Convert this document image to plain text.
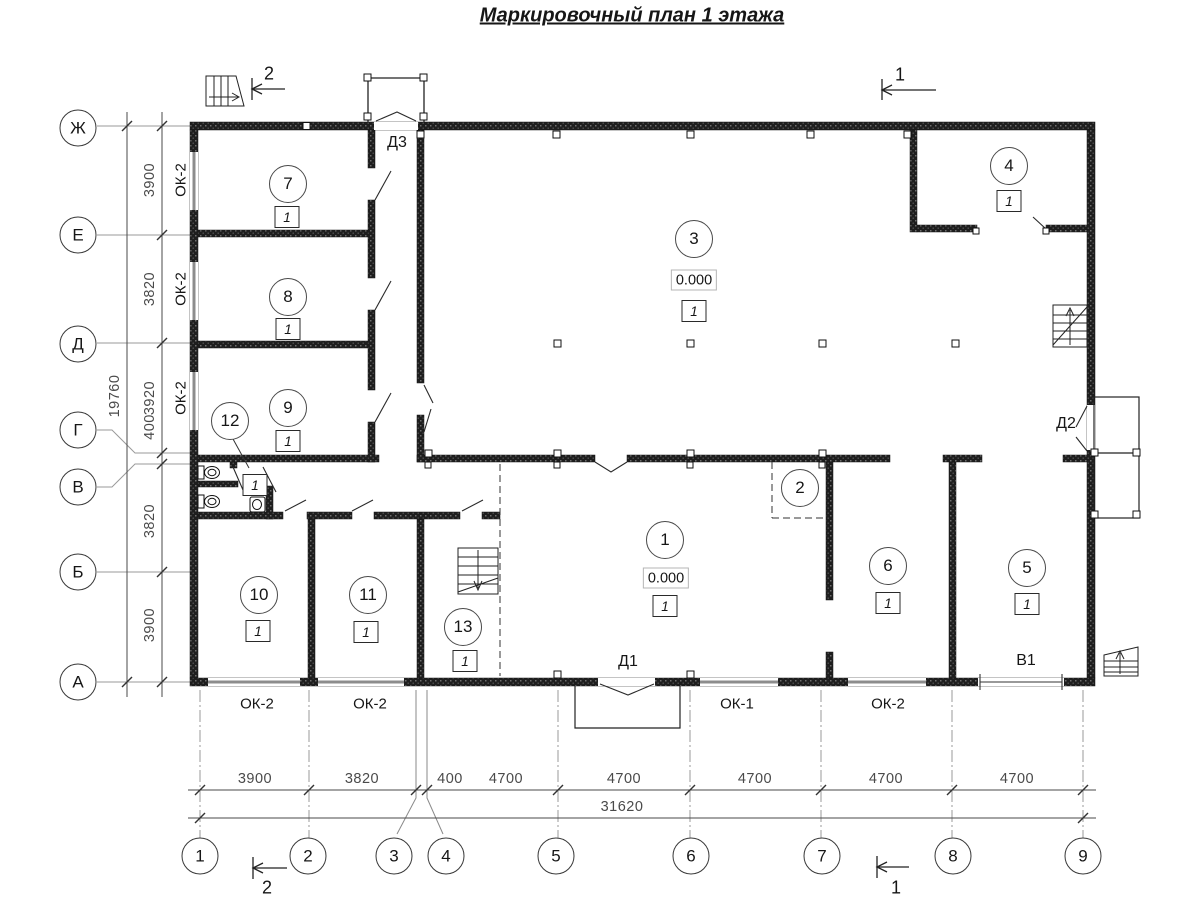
Маркировочный план 1 этажа
Ж
Е
Д
Г
В
Б
А
1	2	3	4	5	6	7	8	9
3900
3820
3920
400
3820
3900
19760
ОК-2
ОК-2
ОК-2
3900	3820	400 4700	4700	4700	4700	4700
31620
ОК-2	ОК-2	ОК-1	ОК-2
Д3
Д1
Д2
В1
2	1
2	1
1
2
3
4
5
6
7
8
9
10	11
12
13
0.000
0.000
1
1
1
1
1
1
1
1
1	1
1
1
